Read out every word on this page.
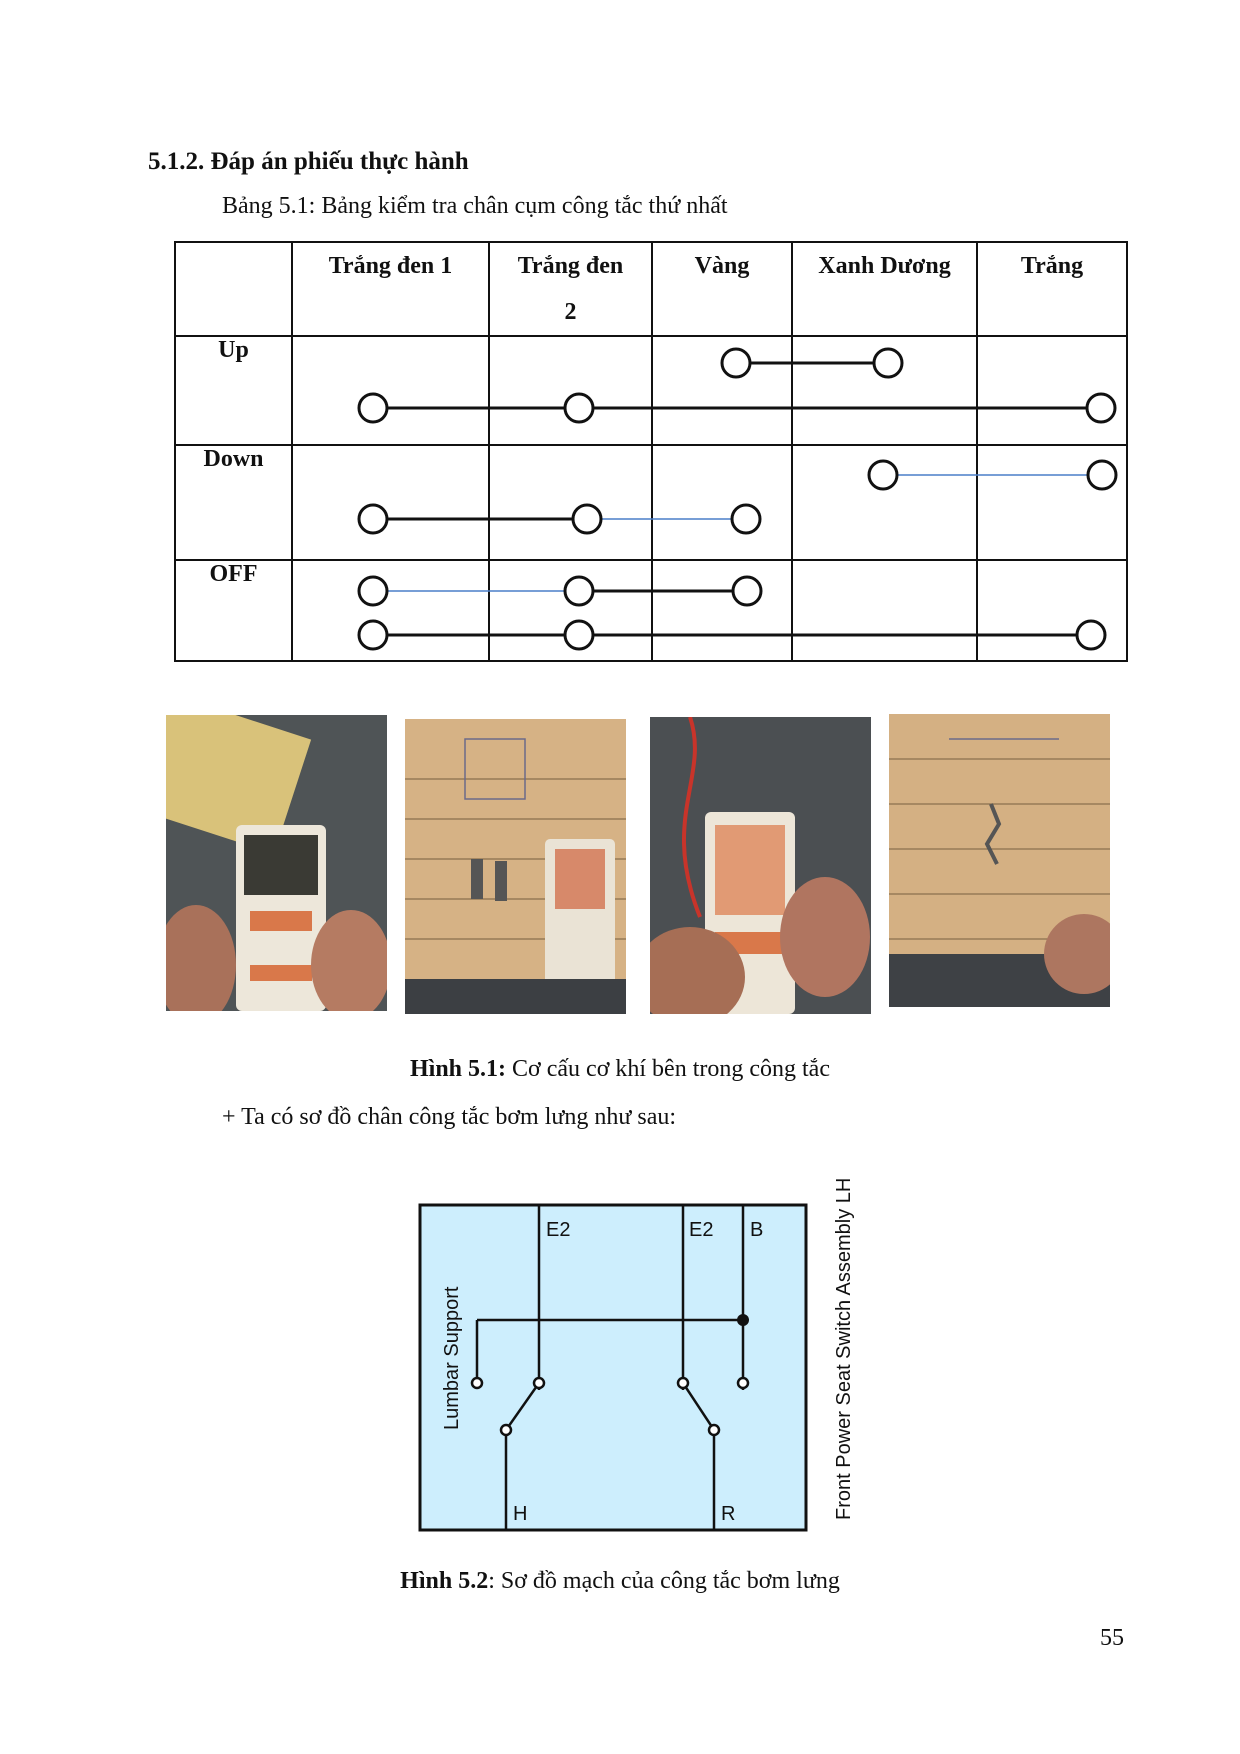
5.1.2. Đáp án phiếu thực hành
Bảng 5.1: Bảng kiểm tra chân cụm công tắc thứ nhất
	Trắng đen 1	Trắng đen
2	Vàng	Xanh Dương	Trắng
Up					
Down					
OFF					
Hình 5.1: Cơ cấu cơ khí bên trong công tắc
+ Ta có sơ đồ chân công tắc bơm lưng như sau:
E2	E2 B
H	R
Lumbar Support	Front Power Seat Switch Assembly LH
Hình 5.2: Sơ đồ mạch của công tắc bơm lưng
55
